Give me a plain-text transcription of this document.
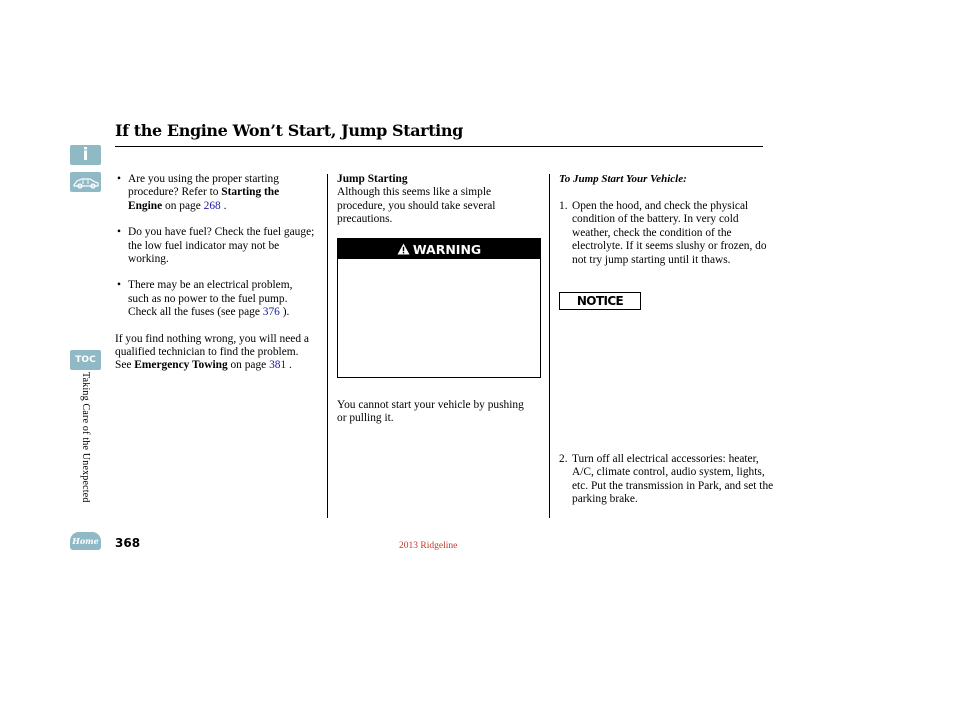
i
TOC
Taking Care of the Unexpected
Home
If the Engine Won’t Start, Jump Starting
• Are you using the proper starting procedure? Refer to Starting the Engine on page 268 .
• Do you have fuel? Check the fuel gauge; the low fuel indicator may not be working.
• There may be an electrical problem, such as no power to the fuel pump. Check all the fuses (see page 376 ).
If you find nothing wrong, you will need a qualified technician to find the problem. See Emergency Towing on page 381 .
Jump Starting
Although this seems like a simple procedure, you should take several precautions.
WARNING
You cannot start your vehicle by pushing or pulling it.
To Jump Start Your Vehicle:
1. Open the hood, and check the physical condition of the battery. In very cold weather, check the condition of the electrolyte. If it seems slushy or frozen, do not try jump starting until it thaws.
NOTICE
2. Turn off all electrical accessories: heater, A/C, climate control, audio system, lights, etc. Put the transmission in Park, and set the parking brake.
368	2013 Ridgeline
